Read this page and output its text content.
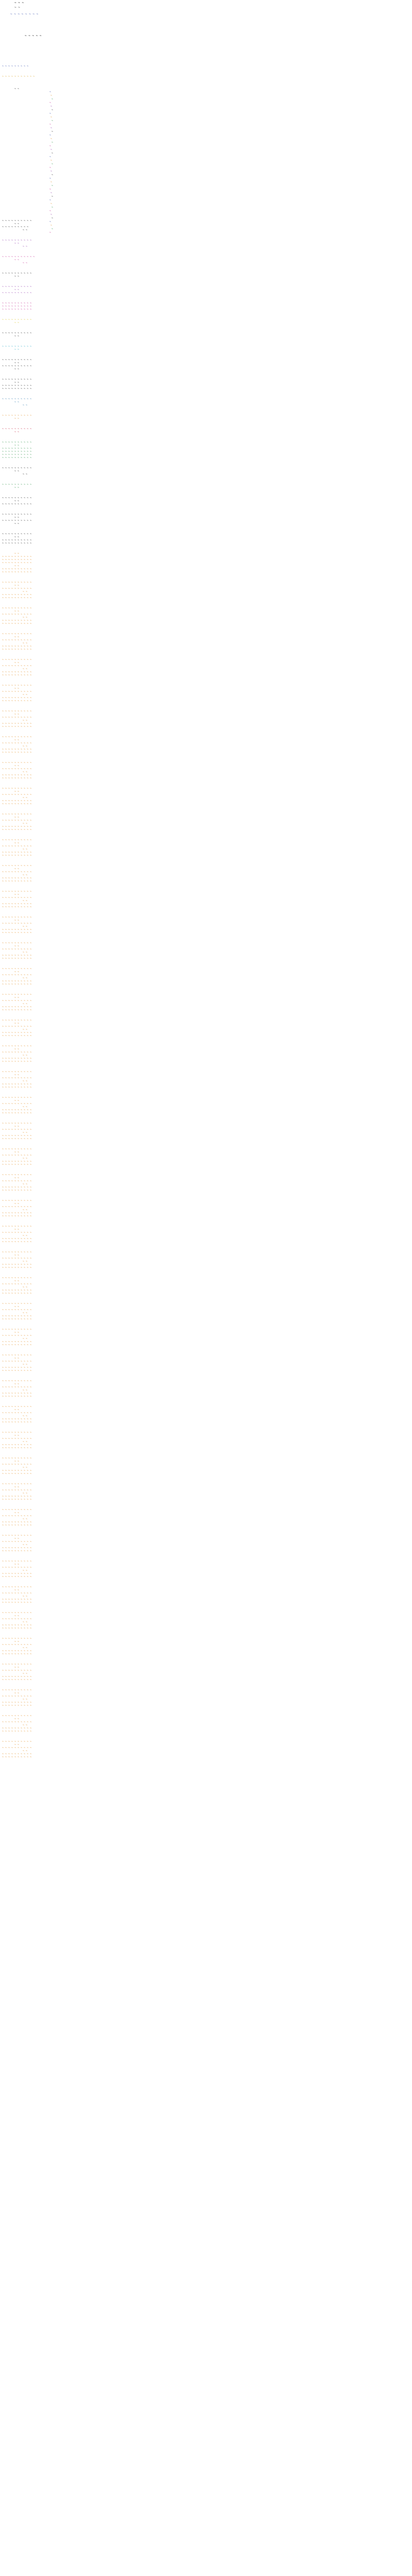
~ ~ ~
~ ~
~ ~ ~ ~ ~ ~ ~ ~
~ ~ ~ ~ ~
~
~
~
~
~
~
~
~
~
~
~
~
~
~
~
~
~
~
~
~
~
~
~
~
~
~
~
~
~
~
~
~
~
~
~
~
~
~
~
~
~ ~ ~ ~ ~ ~ ~ ~ ~
~ ~ ~ ~ ~ ~ ~ ~ ~ ~ ~
~ ~
~ ~ ~ ~ ~ ~ ~ ~ ~ ~
~ ~
~ ~ ~ ~ ~ ~ ~ ~ ~
~ ~
~ ~ ~ ~ ~ ~ ~ ~ ~ ~
~ ~
~ ~
~ ~ ~ ~ ~ ~ ~ ~ ~ ~ ~
~ ~
~ ~
~ ~ ~ ~ ~ ~ ~ ~ ~ ~
~ ~
~ ~ ~ ~ ~ ~ ~ ~ ~ ~
~ ~
~ ~ ~ ~ ~ ~ ~ ~ ~ ~
~ ~ ~ ~ ~ ~ ~ ~ ~ ~
~ ~ ~ ~ ~ ~ ~ ~ ~ ~
~ ~ ~ ~ ~ ~ ~ ~ ~ ~
~ ~ ~ ~ ~ ~ ~ ~ ~ ~
~ ~
~ ~ ~ ~ ~ ~ ~ ~ ~ ~
~ ~
~ ~ ~ ~ ~ ~ ~ ~ ~ ~
~ ~
~ ~ ~ ~ ~ ~ ~ ~ ~ ~
~ ~
~ ~ ~ ~ ~ ~ ~ ~ ~ ~
~ ~
~ ~ ~ ~ ~ ~ ~ ~ ~ ~
~ ~
~ ~ ~ ~ ~ ~ ~ ~ ~ ~
~ ~ ~ ~ ~ ~ ~ ~ ~ ~
~ ~ ~ ~ ~ ~ ~ ~ ~ ~
~ ~
~ ~
~ ~ ~ ~ ~ ~ ~ ~ ~ ~
~ ~
~ ~ ~ ~ ~ ~ ~ ~ ~ ~
~ ~
~ ~ ~ ~ ~ ~ ~ ~ ~ ~
~ ~
~ ~ ~ ~ ~ ~ ~ ~ ~ ~
~ ~ ~ ~ ~ ~ ~ ~ ~ ~
~ ~ ~ ~ ~ ~ ~ ~ ~ ~
~ ~ ~ ~ ~ ~ ~ ~ ~ ~
~ ~ ~ ~ ~ ~ ~ ~ ~ ~
~ ~
~ ~
~ ~ ~ ~ ~ ~ ~ ~ ~ ~
~ ~
~ ~ ~ ~ ~ ~ ~ ~ ~ ~
~ ~
~ ~ ~ ~ ~ ~ ~ ~ ~ ~
~ ~ ~ ~ ~ ~ ~ ~ ~ ~
~ ~
~ ~ ~ ~ ~ ~ ~ ~ ~ ~
~ ~
~ ~ ~ ~ ~ ~ ~ ~ ~ ~
~ ~
~ ~ ~ ~ ~ ~ ~ ~ ~ ~
~ ~ ~ ~ ~ ~ ~ ~ ~ ~
~ ~
~ ~ ~ ~ ~ ~ ~ ~ ~ ~
~ ~ ~ ~ ~ ~ ~ ~ ~ ~
~ ~ ~ ~ ~ ~ ~ ~ ~ ~
~ ~
~ ~ ~ ~ ~ ~ ~ ~ ~ ~
~ ~ ~ ~ ~ ~ ~ ~ ~ ~
~ ~ ~ ~ ~ ~ ~ ~ ~ ~
~ ~
~ ~ ~ ~ ~ ~ ~ ~ ~ ~
~ ~
~ ~ ~ ~ ~ ~ ~ ~ ~ ~
~ ~ ~ ~ ~ ~ ~ ~ ~ ~
~ ~ ~ ~ ~ ~ ~ ~ ~ ~
~ ~
~ ~ ~ ~ ~ ~ ~ ~ ~ ~
~ ~
~ ~ ~ ~ ~ ~ ~ ~ ~ ~
~ ~ ~ ~ ~ ~ ~ ~ ~ ~
~ ~ ~ ~ ~ ~ ~ ~ ~ ~
~ ~
~ ~ ~ ~ ~ ~ ~ ~ ~ ~
~ ~
~ ~ ~ ~ ~ ~ ~ ~ ~ ~
~ ~ ~ ~ ~ ~ ~ ~ ~ ~
~ ~ ~ ~ ~ ~ ~ ~ ~ ~
~ ~
~ ~ ~ ~ ~ ~ ~ ~ ~ ~
~ ~
~ ~ ~ ~ ~ ~ ~ ~ ~ ~
~ ~ ~ ~ ~ ~ ~ ~ ~ ~
~ ~ ~ ~ ~ ~ ~ ~ ~ ~
~ ~
~ ~ ~ ~ ~ ~ ~ ~ ~ ~
~ ~
~ ~ ~ ~ ~ ~ ~ ~ ~ ~
~ ~ ~ ~ ~ ~ ~ ~ ~ ~
~ ~ ~ ~ ~ ~ ~ ~ ~ ~
~ ~
~ ~ ~ ~ ~ ~ ~ ~ ~ ~
~ ~
~ ~ ~ ~ ~ ~ ~ ~ ~ ~
~ ~ ~ ~ ~ ~ ~ ~ ~ ~
~ ~ ~ ~ ~ ~ ~ ~ ~ ~
~ ~
~ ~ ~ ~ ~ ~ ~ ~ ~ ~
~ ~
~ ~ ~ ~ ~ ~ ~ ~ ~ ~
~ ~ ~ ~ ~ ~ ~ ~ ~ ~
~ ~ ~ ~ ~ ~ ~ ~ ~ ~
~ ~
~ ~ ~ ~ ~ ~ ~ ~ ~ ~
~ ~
~ ~ ~ ~ ~ ~ ~ ~ ~ ~
~ ~ ~ ~ ~ ~ ~ ~ ~ ~
~ ~ ~ ~ ~ ~ ~ ~ ~ ~
~ ~
~ ~ ~ ~ ~ ~ ~ ~ ~ ~
~ ~
~ ~ ~ ~ ~ ~ ~ ~ ~ ~
~ ~ ~ ~ ~ ~ ~ ~ ~ ~
~ ~ ~ ~ ~ ~ ~ ~ ~ ~
~ ~
~ ~ ~ ~ ~ ~ ~ ~ ~ ~
~ ~
~ ~ ~ ~ ~ ~ ~ ~ ~ ~
~ ~ ~ ~ ~ ~ ~ ~ ~ ~
~ ~ ~ ~ ~ ~ ~ ~ ~ ~
~ ~
~ ~ ~ ~ ~ ~ ~ ~ ~ ~
~ ~
~ ~ ~ ~ ~ ~ ~ ~ ~ ~
~ ~ ~ ~ ~ ~ ~ ~ ~ ~
~ ~ ~ ~ ~ ~ ~ ~ ~ ~
~ ~
~ ~ ~ ~ ~ ~ ~ ~ ~ ~
~ ~
~ ~ ~ ~ ~ ~ ~ ~ ~ ~
~ ~ ~ ~ ~ ~ ~ ~ ~ ~
~ ~ ~ ~ ~ ~ ~ ~ ~ ~
~ ~
~ ~ ~ ~ ~ ~ ~ ~ ~ ~
~ ~
~ ~ ~ ~ ~ ~ ~ ~ ~ ~
~ ~ ~ ~ ~ ~ ~ ~ ~ ~
~ ~ ~ ~ ~ ~ ~ ~ ~ ~
~ ~
~ ~ ~ ~ ~ ~ ~ ~ ~ ~
~ ~
~ ~ ~ ~ ~ ~ ~ ~ ~ ~
~ ~ ~ ~ ~ ~ ~ ~ ~ ~
~ ~ ~ ~ ~ ~ ~ ~ ~ ~
~ ~
~ ~ ~ ~ ~ ~ ~ ~ ~ ~
~ ~
~ ~ ~ ~ ~ ~ ~ ~ ~ ~
~ ~ ~ ~ ~ ~ ~ ~ ~ ~
~ ~ ~ ~ ~ ~ ~ ~ ~ ~
~ ~
~ ~ ~ ~ ~ ~ ~ ~ ~ ~
~ ~
~ ~ ~ ~ ~ ~ ~ ~ ~ ~
~ ~ ~ ~ ~ ~ ~ ~ ~ ~
~ ~ ~ ~ ~ ~ ~ ~ ~ ~
~ ~
~ ~ ~ ~ ~ ~ ~ ~ ~ ~
~ ~
~ ~ ~ ~ ~ ~ ~ ~ ~ ~
~ ~ ~ ~ ~ ~ ~ ~ ~ ~
~ ~ ~ ~ ~ ~ ~ ~ ~ ~
~ ~
~ ~ ~ ~ ~ ~ ~ ~ ~ ~
~ ~
~ ~ ~ ~ ~ ~ ~ ~ ~ ~
~ ~ ~ ~ ~ ~ ~ ~ ~ ~
~ ~ ~ ~ ~ ~ ~ ~ ~ ~
~ ~
~ ~ ~ ~ ~ ~ ~ ~ ~ ~
~ ~
~ ~ ~ ~ ~ ~ ~ ~ ~ ~
~ ~ ~ ~ ~ ~ ~ ~ ~ ~
~ ~ ~ ~ ~ ~ ~ ~ ~ ~
~ ~
~ ~ ~ ~ ~ ~ ~ ~ ~ ~
~ ~
~ ~ ~ ~ ~ ~ ~ ~ ~ ~
~ ~ ~ ~ ~ ~ ~ ~ ~ ~
~ ~ ~ ~ ~ ~ ~ ~ ~ ~
~ ~
~ ~ ~ ~ ~ ~ ~ ~ ~ ~
~ ~
~ ~ ~ ~ ~ ~ ~ ~ ~ ~
~ ~ ~ ~ ~ ~ ~ ~ ~ ~
~ ~ ~ ~ ~ ~ ~ ~ ~ ~
~ ~
~ ~ ~ ~ ~ ~ ~ ~ ~ ~
~ ~
~ ~ ~ ~ ~ ~ ~ ~ ~ ~
~ ~ ~ ~ ~ ~ ~ ~ ~ ~
~ ~ ~ ~ ~ ~ ~ ~ ~ ~
~ ~
~ ~ ~ ~ ~ ~ ~ ~ ~ ~
~ ~
~ ~ ~ ~ ~ ~ ~ ~ ~ ~
~ ~ ~ ~ ~ ~ ~ ~ ~ ~
~ ~ ~ ~ ~ ~ ~ ~ ~ ~
~ ~
~ ~ ~ ~ ~ ~ ~ ~ ~ ~
~ ~
~ ~ ~ ~ ~ ~ ~ ~ ~ ~
~ ~ ~ ~ ~ ~ ~ ~ ~ ~
~ ~ ~ ~ ~ ~ ~ ~ ~ ~
~ ~
~ ~ ~ ~ ~ ~ ~ ~ ~ ~
~ ~
~ ~ ~ ~ ~ ~ ~ ~ ~ ~
~ ~ ~ ~ ~ ~ ~ ~ ~ ~
~ ~ ~ ~ ~ ~ ~ ~ ~ ~
~ ~
~ ~ ~ ~ ~ ~ ~ ~ ~ ~
~ ~
~ ~ ~ ~ ~ ~ ~ ~ ~ ~
~ ~ ~ ~ ~ ~ ~ ~ ~ ~
~ ~ ~ ~ ~ ~ ~ ~ ~ ~
~ ~
~ ~ ~ ~ ~ ~ ~ ~ ~ ~
~ ~
~ ~ ~ ~ ~ ~ ~ ~ ~ ~
~ ~ ~ ~ ~ ~ ~ ~ ~ ~
~ ~ ~ ~ ~ ~ ~ ~ ~ ~
~ ~
~ ~ ~ ~ ~ ~ ~ ~ ~ ~
~ ~
~ ~ ~ ~ ~ ~ ~ ~ ~ ~
~ ~ ~ ~ ~ ~ ~ ~ ~ ~
~ ~ ~ ~ ~ ~ ~ ~ ~ ~
~ ~
~ ~ ~ ~ ~ ~ ~ ~ ~ ~
~ ~
~ ~ ~ ~ ~ ~ ~ ~ ~ ~
~ ~ ~ ~ ~ ~ ~ ~ ~ ~
~ ~ ~ ~ ~ ~ ~ ~ ~ ~
~ ~
~ ~ ~ ~ ~ ~ ~ ~ ~ ~
~ ~
~ ~ ~ ~ ~ ~ ~ ~ ~ ~
~ ~ ~ ~ ~ ~ ~ ~ ~ ~
~ ~ ~ ~ ~ ~ ~ ~ ~ ~
~ ~
~ ~ ~ ~ ~ ~ ~ ~ ~ ~
~ ~
~ ~ ~ ~ ~ ~ ~ ~ ~ ~
~ ~ ~ ~ ~ ~ ~ ~ ~ ~
~ ~ ~ ~ ~ ~ ~ ~ ~ ~
~ ~
~ ~ ~ ~ ~ ~ ~ ~ ~ ~
~ ~
~ ~ ~ ~ ~ ~ ~ ~ ~ ~
~ ~ ~ ~ ~ ~ ~ ~ ~ ~
~ ~ ~ ~ ~ ~ ~ ~ ~ ~
~ ~
~ ~ ~ ~ ~ ~ ~ ~ ~ ~
~ ~
~ ~ ~ ~ ~ ~ ~ ~ ~ ~
~ ~ ~ ~ ~ ~ ~ ~ ~ ~
~ ~ ~ ~ ~ ~ ~ ~ ~ ~
~ ~
~ ~ ~ ~ ~ ~ ~ ~ ~ ~
~ ~
~ ~ ~ ~ ~ ~ ~ ~ ~ ~
~ ~ ~ ~ ~ ~ ~ ~ ~ ~
~ ~ ~ ~ ~ ~ ~ ~ ~ ~
~ ~
~ ~ ~ ~ ~ ~ ~ ~ ~ ~
~ ~
~ ~ ~ ~ ~ ~ ~ ~ ~ ~
~ ~ ~ ~ ~ ~ ~ ~ ~ ~
~ ~ ~ ~ ~ ~ ~ ~ ~ ~
~ ~
~ ~ ~ ~ ~ ~ ~ ~ ~ ~
~ ~
~ ~ ~ ~ ~ ~ ~ ~ ~ ~
~ ~ ~ ~ ~ ~ ~ ~ ~ ~
~ ~ ~ ~ ~ ~ ~ ~ ~ ~
~ ~
~ ~ ~ ~ ~ ~ ~ ~ ~ ~
~ ~
~ ~ ~ ~ ~ ~ ~ ~ ~ ~
~ ~ ~ ~ ~ ~ ~ ~ ~ ~
~ ~ ~ ~ ~ ~ ~ ~ ~ ~
~ ~
~ ~ ~ ~ ~ ~ ~ ~ ~ ~
~ ~
~ ~ ~ ~ ~ ~ ~ ~ ~ ~
~ ~ ~ ~ ~ ~ ~ ~ ~ ~
~ ~ ~ ~ ~ ~ ~ ~ ~ ~
~ ~
~ ~ ~ ~ ~ ~ ~ ~ ~ ~
~ ~
~ ~ ~ ~ ~ ~ ~ ~ ~ ~
~ ~ ~ ~ ~ ~ ~ ~ ~ ~
~ ~ ~ ~ ~ ~ ~ ~ ~ ~
~ ~
~ ~ ~ ~ ~ ~ ~ ~ ~ ~
~ ~
~ ~ ~ ~ ~ ~ ~ ~ ~ ~
~ ~ ~ ~ ~ ~ ~ ~ ~ ~
~ ~ ~ ~ ~ ~ ~ ~ ~ ~
~ ~
~ ~ ~ ~ ~ ~ ~ ~ ~ ~
~ ~
~ ~ ~ ~ ~ ~ ~ ~ ~ ~
~ ~ ~ ~ ~ ~ ~ ~ ~ ~
~ ~ ~ ~ ~ ~ ~ ~ ~ ~
~ ~
~ ~ ~ ~ ~ ~ ~ ~ ~ ~
~ ~
~ ~ ~ ~ ~ ~ ~ ~ ~ ~
~ ~ ~ ~ ~ ~ ~ ~ ~ ~
~ ~ ~ ~ ~ ~ ~ ~ ~ ~
~ ~
~ ~ ~ ~ ~ ~ ~ ~ ~ ~
~ ~
~ ~ ~ ~ ~ ~ ~ ~ ~ ~
~ ~ ~ ~ ~ ~ ~ ~ ~ ~
~ ~ ~ ~ ~ ~ ~ ~ ~ ~
~ ~
~ ~ ~ ~ ~ ~ ~ ~ ~ ~
~ ~
~ ~ ~ ~ ~ ~ ~ ~ ~ ~
~ ~ ~ ~ ~ ~ ~ ~ ~ ~
~ ~ ~ ~ ~ ~ ~ ~ ~ ~
~ ~
~ ~ ~ ~ ~ ~ ~ ~ ~ ~
~ ~
~ ~ ~ ~ ~ ~ ~ ~ ~ ~
~ ~ ~ ~ ~ ~ ~ ~ ~ ~
~ ~ ~ ~ ~ ~ ~ ~ ~ ~
~ ~
~ ~ ~ ~ ~ ~ ~ ~ ~ ~
~ ~
~ ~ ~ ~ ~ ~ ~ ~ ~ ~
~ ~ ~ ~ ~ ~ ~ ~ ~ ~
